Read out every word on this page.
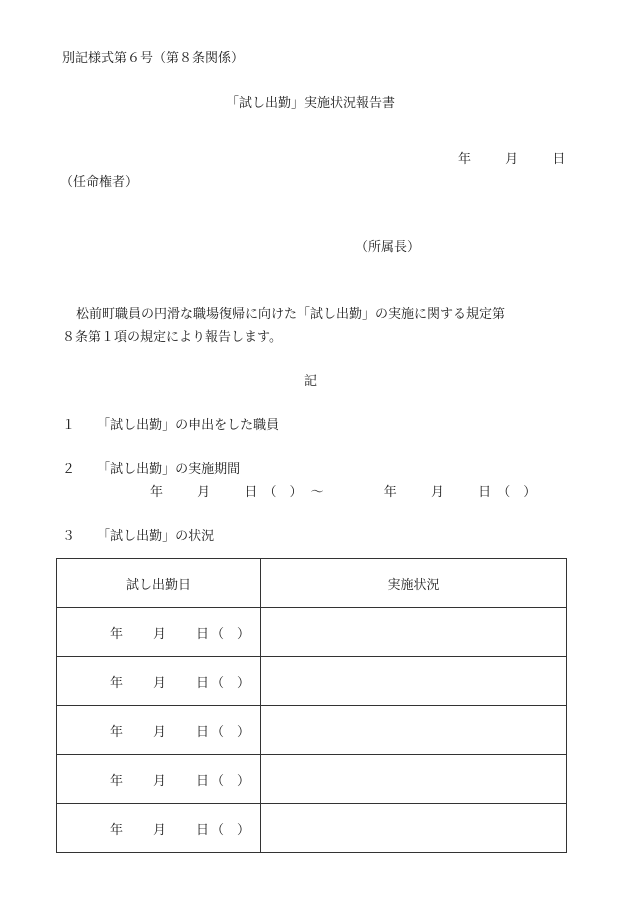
別記様式第６号（第８条関係）
「試し出勤」実施状況報告書
年	月	日
（任命権者）
（所属長）
松前町職員の円滑な職場復帰に向けた「試し出勤」の実施に関する規定第
８条第１項の規定により報告します。
記
１ 「試し出勤」の申出をした職員
２ 「試し出勤」の実施期間
年	月	日 （　） ～	年	月	日 （　）
３ 「試し出勤」の状況
試し出勤日	実施状況

年 月 日 （　）	

年 月 日 （　）	

年 月 日 （　）	

年 月 日 （　）	

年 月 日 （　）	
